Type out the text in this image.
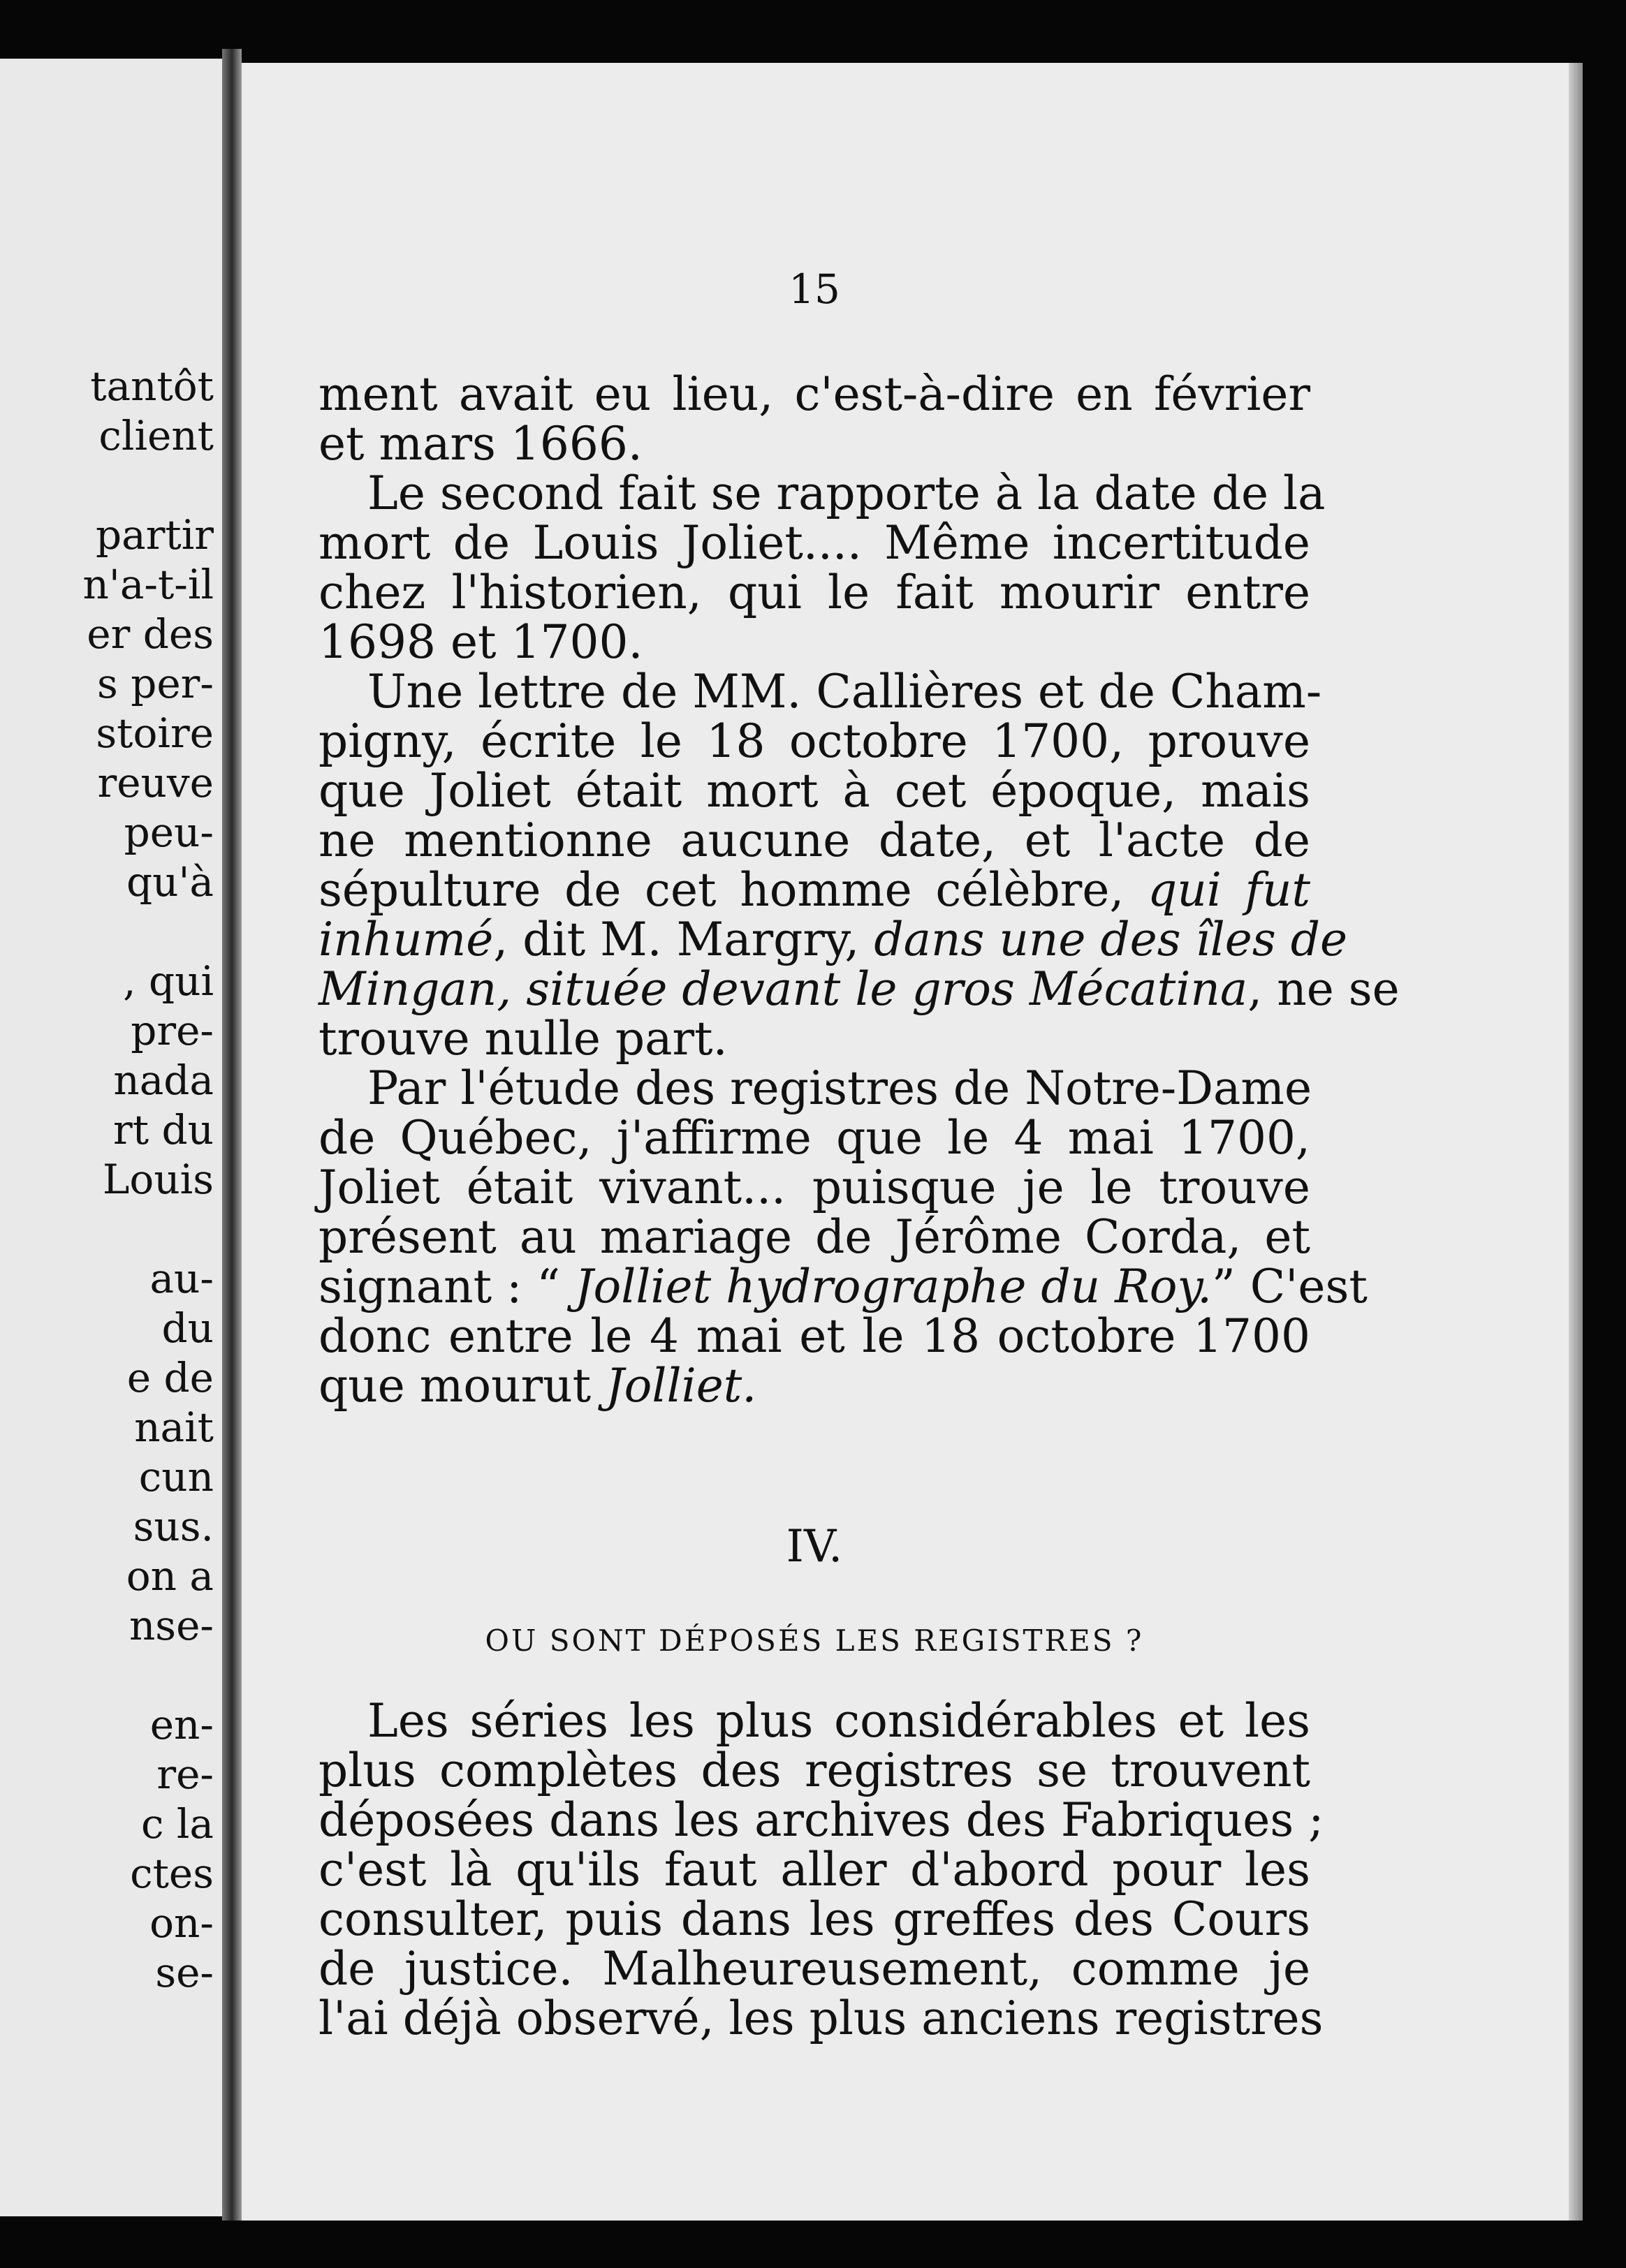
tantôt
client
partir
n'a-t-il
er des
s per-
stoire
reuve
peu-
qu'à
, qui
pre-
nada
rt du
Louis
au-
du
e de
nait
cun
sus.
on a
nse-
en-
re-
c la
ctes
on-
se-
15
ment avait eu lieu, c'est-à-dire en février
et mars 1666.
Le second fait se rapporte à la date de la
mort de Louis Joliet.... Même incertitude
chez l'historien, qui le fait mourir entre
1698 et 1700.
Une lettre de MM. Callières et de Cham-
pigny, écrite le 18 octobre 1700, prouve
que Joliet était mort à cet époque, mais
ne mentionne aucune date, et l'acte de
sépulture de cet homme célèbre, qui fut
inhumé, dit M. Margry, dans une des îles de
Mingan, située devant le gros Mécatina, ne se
trouve nulle part.
Par l'étude des registres de Notre-Dame
de Québec, j'affirme que le 4 mai 1700,
Joliet était vivant... puisque je le trouve
présent au mariage de Jérôme Corda, et
signant : “ Jolliet hydrographe du Roy.” C'est
donc entre le 4 mai et le 18 octobre 1700
que mourut Jolliet.
IV.
OU SONT DÉPOSÉS LES REGISTRES ?
Les séries les plus considérables et les
plus complètes des registres se trouvent
déposées dans les archives des Fabriques ;
c'est là qu'ils faut aller d'abord pour les
consulter, puis dans les greffes des Cours
de justice. Malheureusement, comme je
l'ai déjà observé, les plus anciens registres
